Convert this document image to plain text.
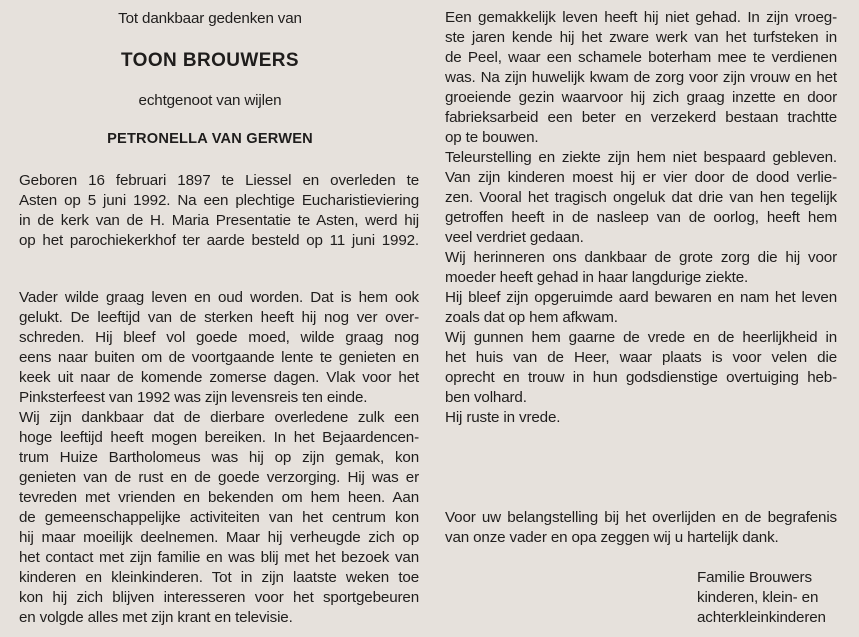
Tot dankbaar gedenken van
TOON BROUWERS
echtgenoot van wijlen
PETRONELLA VAN GERWEN
Geboren 16 februari 1897 te Liessel en overleden te
Asten op 5 juni 1992. Na een plechtige Eucharistieviering
in de kerk van de H. Maria Presentatie te Asten, werd hij
op het parochiekerkhof ter aarde besteld op 11 juni 1992.
Vader wilde graag leven en oud worden. Dat is hem ook
gelukt. De leeftijd van de sterken heeft hij nog ver over-
schreden. Hij bleef vol goede moed, wilde graag nog
eens naar buiten om de voortgaande lente te genieten en
keek uit naar de komende zomerse dagen. Vlak voor het
Pinksterfeest van 1992 was zijn levensreis ten einde.
Wij zijn dankbaar dat de dierbare overledene zulk een
hoge leeftijd heeft mogen bereiken. In het Bejaardencen-
trum Huize Bartholomeus was hij op zijn gemak, kon
genieten van de rust en de goede verzorging. Hij was er
tevreden met vrienden en bekenden om hem heen. Aan
de gemeenschappelijke activiteiten van het centrum kon
hij maar moeilijk deelnemen. Maar hij verheugde zich op
het contact met zijn familie en was blij met het bezoek van
kinderen en kleinkinderen. Tot in zijn laatste weken toe
kon hij zich blijven interesseren voor het sportgebeuren
en volgde alles met zijn krant en televisie.
Een gemakkelijk leven heeft hij niet gehad. In zijn vroeg-
ste jaren kende hij het zware werk van het turfsteken in
de Peel, waar een schamele boterham mee te verdienen
was. Na zijn huwelijk kwam de zorg voor zijn vrouw en het
groeiende gezin waarvoor hij zich graag inzette en door
fabrieksarbeid een beter en verzekerd bestaan trachtte
op te bouwen.
Teleurstelling en ziekte zijn hem niet bespaard gebleven.
Van zijn kinderen moest hij er vier door de dood verlie-
zen. Vooral het tragisch ongeluk dat drie van hen tegelijk
getroffen heeft in de nasleep van de oorlog, heeft hem
veel verdriet gedaan.
Wij herinneren ons dankbaar de grote zorg die hij voor
moeder heeft gehad in haar langdurige ziekte.
Hij bleef zijn opgeruimde aard bewaren en nam het leven
zoals dat op hem afkwam.
Wij gunnen hem gaarne de vrede en de heerlijkheid in
het huis van de Heer, waar plaats is voor velen die
oprecht en trouw in hun godsdienstige overtuiging heb-
ben volhard.
Hij ruste in vrede.
Voor uw belangstelling bij het overlijden en de begrafenis
van onze vader en opa zeggen wij u hartelijk dank.
Familie Brouwers
kinderen, klein- en
achterkleinkinderen
